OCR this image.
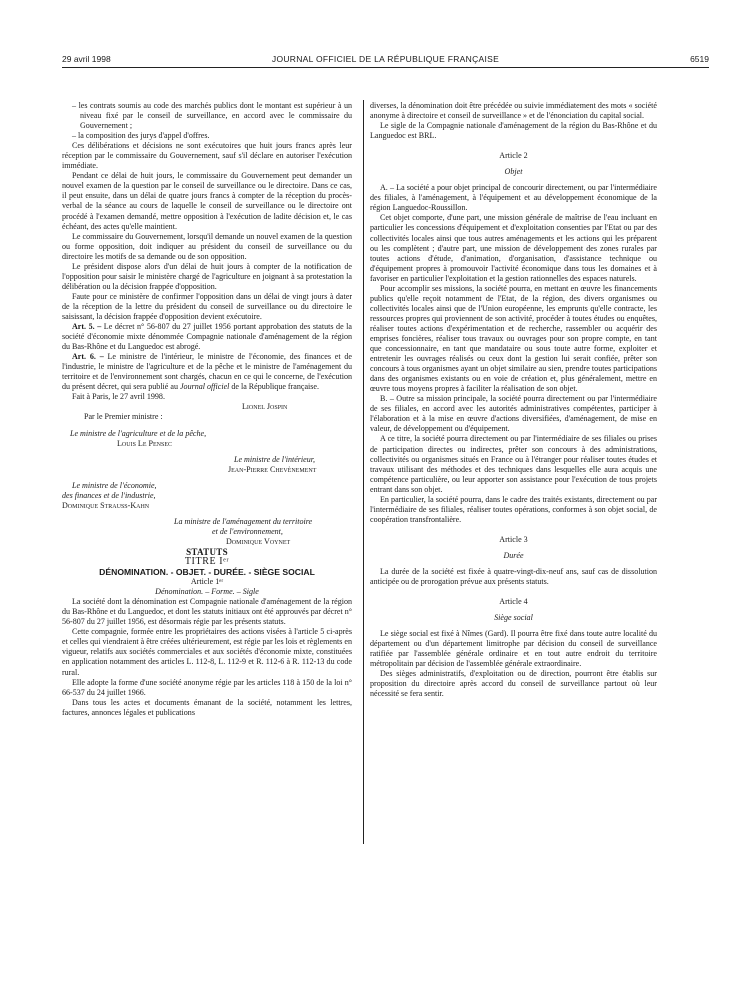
29 avril 1998	JOURNAL OFFICIEL DE LA RÉPUBLIQUE FRANÇAISE	6519

– les contrats soumis au code des marchés publics dont le montant est supérieur à un niveau fixé par le conseil de surveillance, en accord avec le commissaire du Gouvernement ;

– la composition des jurys d'appel d'offres.

Ces délibérations et décisions ne sont exécutoires que huit jours francs après leur réception par le commissaire du Gouvernement, sauf s'il déclare en autoriser l'exécution immédiate.

Pendant ce délai de huit jours, le commissaire du Gouvernement peut demander un nouvel examen de la question par le conseil de surveillance ou le directoire. Dans ce cas, il peut ensuite, dans un délai de quatre jours francs à compter de la réception du procès-verbal de la séance au cours de laquelle le conseil de surveillance ou le directoire ont procédé à l'examen demandé, mettre opposition à l'exécution de ladite décision et, le cas échéant, des actes qu'elle maintient.

Le commissaire du Gouvernement, lorsqu'il demande un nouvel examen de la question ou forme opposition, doit indiquer au président du conseil de surveillance ou du directoire les motifs de sa demande ou de son opposition.

Le président dispose alors d'un délai de huit jours à compter de la notification de l'opposition pour saisir le ministère chargé de l'agriculture en joignant à sa protestation la délibération ou la décision frappée d'opposition.

Faute pour ce ministère de confirmer l'opposition dans un délai de vingt jours à dater de la réception de la lettre du président du conseil de surveillance ou du directoire le saisissant, la décision frappée d'opposition devient exécutoire.

Art. 5. – Le décret n° 56-807 du 27 juillet 1956 portant approbation des statuts de la société d'économie mixte dénommée Compagnie nationale d'aménagement de la région du Bas-Rhône et du Languedoc est abrogé.

Art. 6. – Le ministre de l'intérieur, le ministre de l'économie, des finances et de l'industrie, le ministre de l'agriculture et de la pêche et le ministre de l'aménagement du territoire et de l'environnement sont chargés, chacun en ce qui le concerne, de l'exécution du présent décret, qui sera publié au Journal officiel de la République française.

Fait à Paris, le 27 avril 1998.

Lionel Jospin
Par le Premier ministre :
Le ministre de l'agriculture et de la pêche,
Louis Le Pensec
Le ministre de l'intérieur,
Jean-Pierre Chevènement
Le ministre de l'économie,
des finances et de l'industrie,
Dominique Strauss-Kahn
La ministre de l'aménagement du territoire
et de l'environnement,
Dominique Voynet

STATUTS

TITRE Iᵉʳ

DÉNOMINATION. - OBJET. - DURÉE. - SIÈGE SOCIAL

Article 1ᵉʳ

Dénomination. – Forme. – Sigle

La société dont la dénomination est Compagnie nationale d'aménagement de la région du Bas-Rhône et du Languedoc, et dont les statuts initiaux ont été approuvés par décret n° 56-807 du 27 juillet 1956, est désormais régie par les présents statuts.

Cette compagnie, formée entre les propriétaires des actions visées à l'article 5 ci-après et celles qui viendraient à être créées ultérieurement, est régie par les lois et règlements en vigueur, relatifs aux sociétés commerciales et aux sociétés d'économie mixte, constituées en application notamment des articles L. 112-8, L. 112-9 et R. 112-6 à R. 112-13 du code rural.

Elle adopte la forme d'une société anonyme régie par les articles 118 à 150 de la loi n° 66-537 du 24 juillet 1966.

Dans tous les actes et documents émanant de la société, notamment les lettres, factures, annonces légales et publications

diverses, la dénomination doit être précédée ou suivie immédiatement des mots « société anonyme à directoire et conseil de surveillance » et de l'énonciation du capital social.

Le sigle de la Compagnie nationale d'aménagement de la région du Bas-Rhône et du Languedoc est BRL.

Article 2

Objet

A. – La société a pour objet principal de concourir directement, ou par l'intermédiaire des filiales, à l'aménagement, à l'équipement et au développement économique de la région Languedoc-Roussillon.

Cet objet comporte, d'une part, une mission générale de maîtrise de l'eau incluant en particulier les concessions d'équipement et d'exploitation consenties par l'Etat ou par des collectivités locales ainsi que tous autres aménagements et les actions qui les préparent ou les complètent ; d'autre part, une mission de développement des zones rurales par toutes actions d'étude, d'animation, d'organisation, d'assistance technique ou d'équipement propres à promouvoir l'activité économique dans tous les domaines et à favoriser en particulier l'exploitation et la gestion rationnelles des espaces naturels.

Pour accomplir ses missions, la société pourra, en mettant en œuvre les financements publics qu'elle reçoit notamment de l'Etat, de la région, des divers organismes ou collectivités locales ainsi que de l'Union européenne, les emprunts qu'elle contracte, les ressources propres qui proviennent de son activité, procéder à toutes études ou enquêtes, réaliser toutes actions d'expérimentation et de recherche, rassembler ou acquérir des emprises foncières, réaliser tous travaux ou ouvrages pour son propre compte, en tant que concessionnaire, en tant que mandataire ou sous toute autre forme, exploiter et entretenir les ouvrages réalisés ou ceux dont la gestion lui serait confiée, prêter son concours à tous organismes ayant un objet similaire au sien, prendre toutes participations dans des organismes existants ou en voie de création et, plus généralement, mettre en œuvre tous moyens propres à faciliter la réalisation de son objet.

B. – Outre sa mission principale, la société pourra directement ou par l'intermédiaire de ses filiales, en accord avec les autorités administratives compétentes, participer à l'élaboration et à la mise en œuvre d'actions diversifiées, d'aménagement, de mise en valeur, de développement ou d'équipement.

A ce titre, la société pourra directement ou par l'intermédiaire de ses filiales ou prises de participation directes ou indirectes, prêter son concours à des administrations, collectivités ou organismes situés en France ou à l'étranger pour réaliser toutes études et travaux utilisant des méthodes et des techniques dans lesquelles elle aura acquis une compétence particulière, ou leur apporter son assistance pour l'exécution de tous projets entrant dans son objet.

En particulier, la société pourra, dans le cadre des traités existants, directement ou par l'intermédiaire de ses filiales, réaliser toutes opérations, conformes à son objet social, de coopération transfrontalière.

Article 3

Durée

La durée de la société est fixée à quatre-vingt-dix-neuf ans, sauf cas de dissolution anticipée ou de prorogation prévue aux présents statuts.

Article 4

Siège social

Le siège social est fixé à Nîmes (Gard). Il pourra être fixé dans toute autre localité du département ou d'un département limitrophe par décision du conseil de surveillance ratifiée par l'assemblée générale ordinaire et en tout autre endroit du territoire métropolitain par décision de l'assemblée générale extraordinaire.

Des sièges administratifs, d'exploitation ou de direction, pourront être établis sur proposition du directoire après accord du conseil de surveillance partout où leur nécessité se fera sentir.
